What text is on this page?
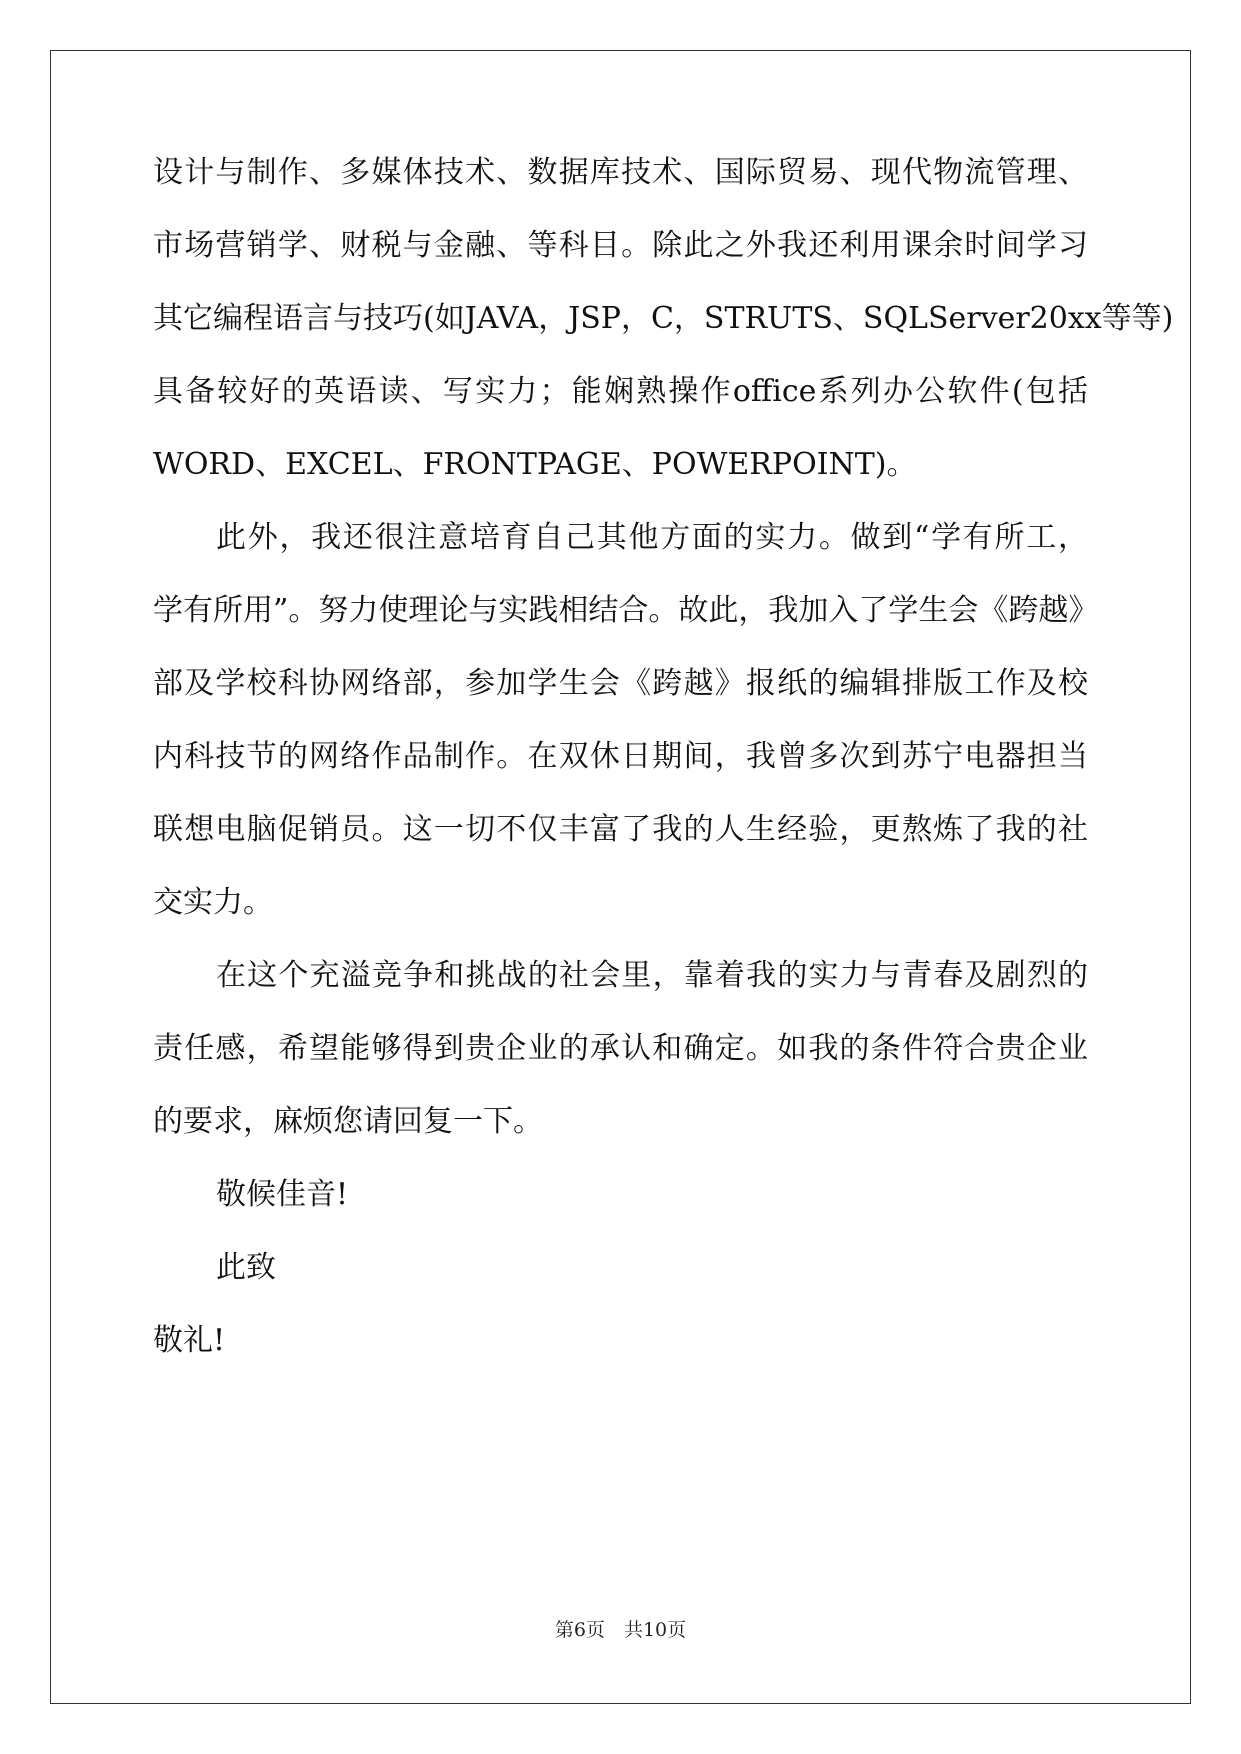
设计与制作、多媒体技术、数据库技术、国际贸易、现代物流管理、

市场营销学、财税与金融、等科目。除此之外我还利用课余时间学习

其它编程语言与技巧(如JAVA，JSP，C，STRUTS、SQLServer20xx等等)

具备较好的英语读、写实力；能娴熟操作office系列办公软件(包括

WORD、EXCEL、FRONTPAGE、POWERPOINT)。

此外，我还很注意培育自己其他方面的实力。做到“学有所工，

学有所用”。努力使理论与实践相结合。故此，我加入了学生会《跨越》

部及学校科协网络部，参加学生会《跨越》报纸的编辑排版工作及校

内科技节的网络作品制作。在双休日期间，我曾多次到苏宁电器担当

联想电脑促销员。这一切不仅丰富了我的人生经验，更熬炼了我的社

交实力。

在这个充溢竞争和挑战的社会里，靠着我的实力与青春及剧烈的

责任感，希望能够得到贵企业的承认和确定。如我的条件符合贵企业

的要求，麻烦您请回复一下。

敬候佳音!

此致

敬礼!

第6页　共10页
